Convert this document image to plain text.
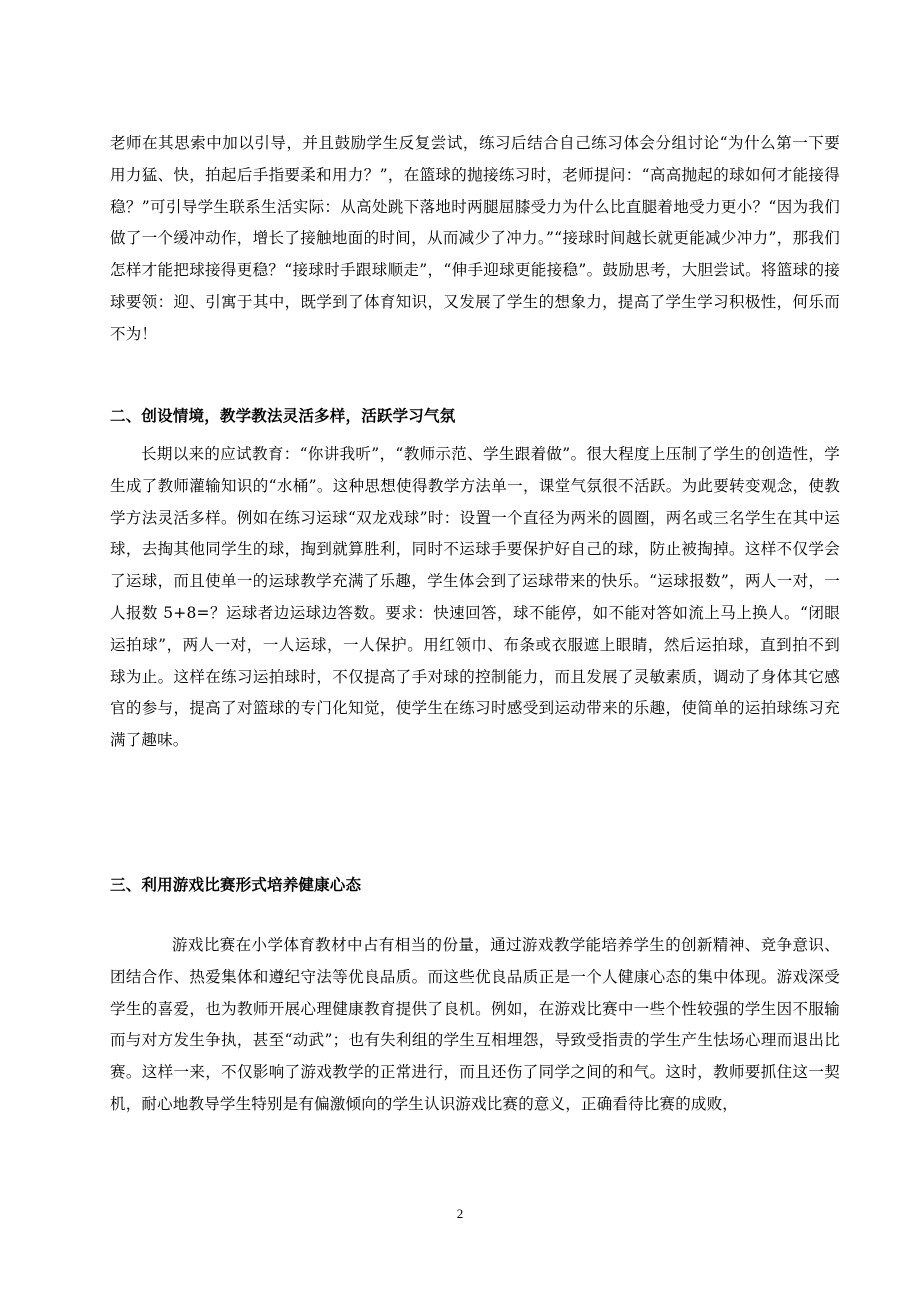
老师在其思索中加以引导，并且鼓励学生反复尝试，练习后结合自己练习体会分组讨论“为什么第一下要用力猛、快，拍起后手指要柔和用力？”，在篮球的抛接练习时，老师提问：“高高抛起的球如何才能接得稳？”可引导学生联系生活实际：从高处跳下落地时两腿屈膝受力为什么比直腿着地受力更小？“因为我们做了一个缓冲动作，增长了接触地面的时间，从而减少了冲力。”“接球时间越长就更能减少冲力”，那我们怎样才能把球接得更稳？“接球时手跟球顺走”，“伸手迎球更能接稳”。鼓励思考，大胆尝试。将篮球的接球要领：迎、引寓于其中，既学到了体育知识，又发展了学生的想象力，提高了学生学习积极性，何乐而不为！
二、创设情境，教学教法灵活多样，活跃学习气氛
长期以来的应试教育：“你讲我听”，“教师示范、学生跟着做”。很大程度上压制了学生的创造性，学生成了教师灌输知识的“水桶”。这种思想使得教学方法单一，课堂气氛很不活跃。为此要转变观念，使教学方法灵活多样。例如在练习运球“双龙戏球”时：设置一个直径为两米的圆圈，两名或三名学生在其中运球，去掏其他同学生的球，掏到就算胜利，同时不运球手要保护好自己的球，防止被掏掉。这样不仅学会了运球，而且使单一的运球教学充满了乐趣，学生体会到了运球带来的快乐。“运球报数”，两人一对，一人报数 5+8=？运球者边运球边答数。要求：快速回答，球不能停，如不能对答如流上马上换人。“闭眼运拍球”，两人一对，一人运球，一人保护。用红领巾、布条或衣服遮上眼睛，然后运拍球，直到拍不到球为止。这样在练习运拍球时，不仅提高了手对球的控制能力，而且发展了灵敏素质，调动了身体其它感官的参与，提高了对篮球的专门化知觉，使学生在练习时感受到运动带来的乐趣，使简单的运拍球练习充满了趣味。
三、利用游戏比赛形式培养健康心态
游戏比赛在小学体育教材中占有相当的份量，通过游戏教学能培养学生的创新精神、竞争意识、团结合作、热爱集体和遵纪守法等优良品质。而这些优良品质正是一个人健康心态的集中体现。游戏深受学生的喜爱，也为教师开展心理健康教育提供了良机。例如，在游戏比赛中一些个性较强的学生因不服输而与对方发生争执，甚至“动武”；也有失利组的学生互相埋怨，导致受指责的学生产生怯场心理而退出比赛。这样一来，不仅影响了游戏教学的正常进行，而且还伤了同学之间的和气。这时，教师要抓住这一契机，耐心地教导学生特别是有偏激倾向的学生认识游戏比赛的意义，正确看待比赛的成败，
2
